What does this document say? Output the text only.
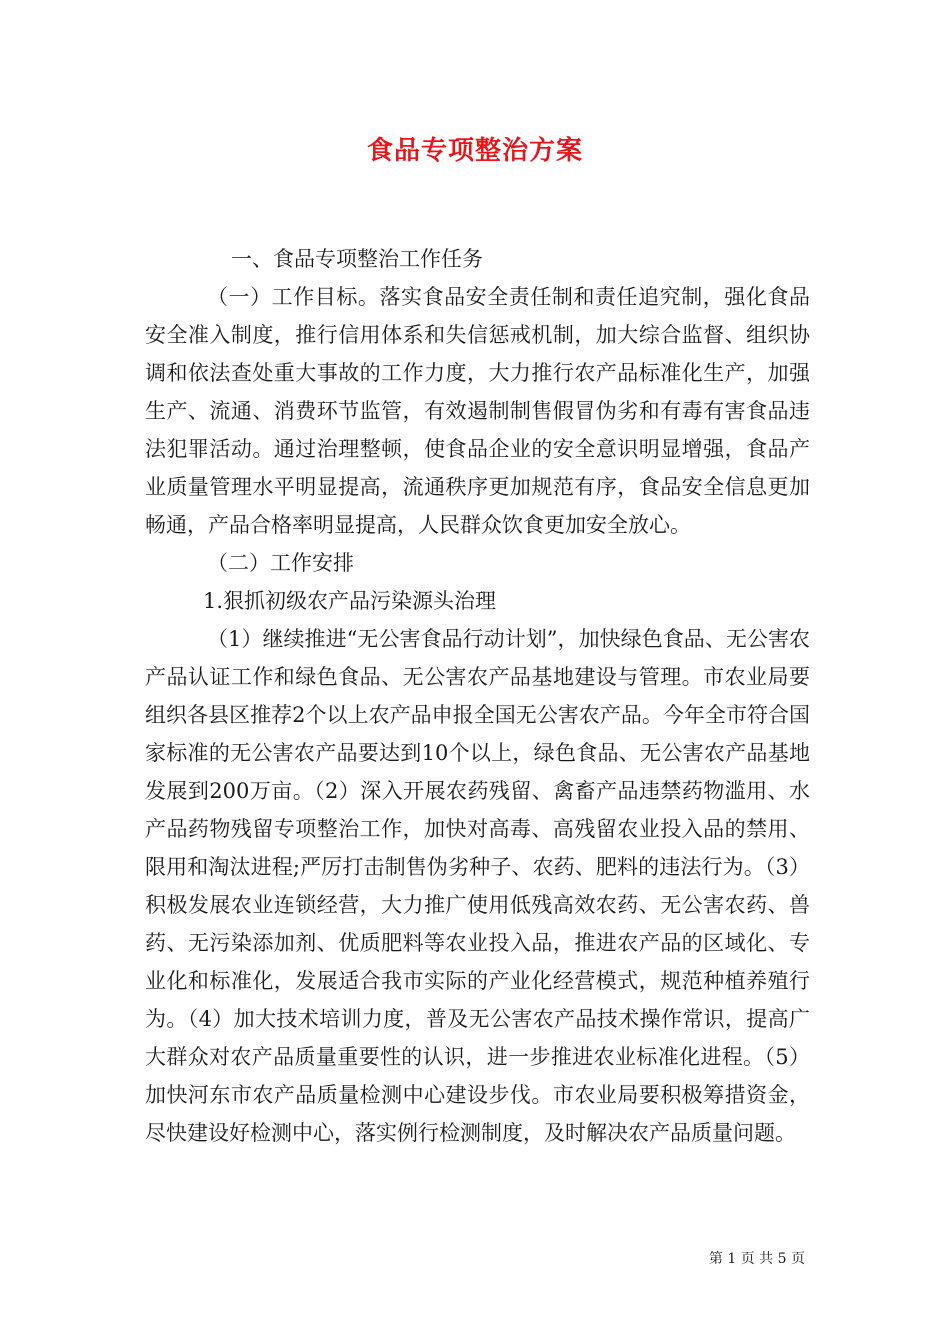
食品专项整治方案

一、食品专项整治工作任务

（一）工作目标。落实食品安全责任制和责任追究制，强化食品安全准入制度，推行信用体系和失信惩戒机制，加大综合监督、组织协调和依法查处重大事故的工作力度，大力推行农产品标准化生产，加强生产、流通、消费环节监管，有效遏制制售假冒伪劣和有毒有害食品违法犯罪活动。通过治理整顿，使食品企业的安全意识明显增强，食品产业质量管理水平明显提高，流通秩序更加规范有序，食品安全信息更加畅通，产品合格率明显提高，人民群众饮食更加安全放心。

（二）工作安排

1.狠抓初级农产品污染源头治理

（1）继续推进“无公害食品行动计划”，加快绿色食品、无公害农产品认证工作和绿色食品、无公害农产品基地建设与管理。市农业局要组织各县区推荐2个以上农产品申报全国无公害农产品。今年全市符合国家标准的无公害农产品要达到10个以上，绿色食品、无公害农产品基地发展到200万亩。（2）深入开展农药残留、禽畜产品违禁药物滥用、水产品药物残留专项整治工作，加快对高毒、高残留农业投入品的禁用、限用和淘汰进程;严厉打击制售伪劣种子、农药、肥料的违法行为。（3）积极发展农业连锁经营，大力推广使用低残高效农药、无公害农药、兽药、无污染添加剂、优质肥料等农业投入品，推进农产品的区域化、专业化和标准化，发展适合我市实际的产业化经营模式，规范种植养殖行为。（4）加大技术培训力度，普及无公害农产品技术操作常识，提高广大群众对农产品质量重要性的认识，进一步推进农业标准化进程。（5）加快河东市农产品质量检测中心建设步伐。市农业局要积极筹措资金，尽快建设好检测中心，落实例行检测制度，及时解决农产品质量问题。

第 1 页 共 5 页
